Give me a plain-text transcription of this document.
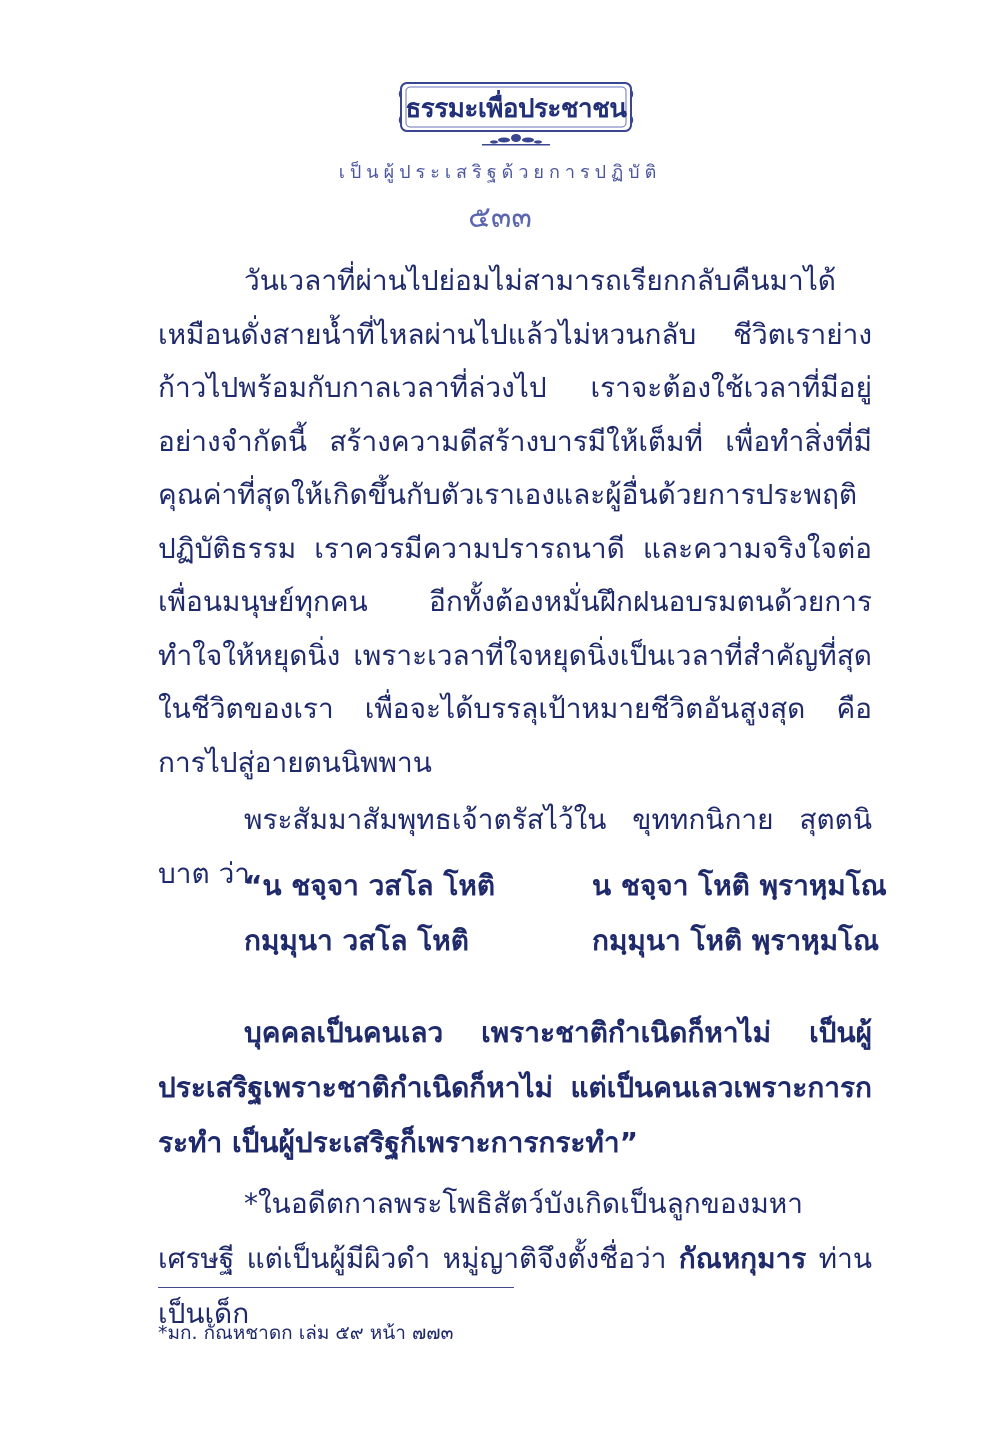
ธรรมะเพื่อประชาชน
เป็นผู้ประเสริฐด้วยการปฏิบัติ
๕๓๓

วันเวลาที่ผ่านไปย่อมไม่สามารถเรียกกลับคืนมาได้ เหมือนดั่งสายน้ำที่ไหลผ่านไปแล้วไม่หวนกลับ ชีวิตเราย่างก้าวไปพร้อมกับกาลเวลาที่ล่วงไป เราจะต้องใช้เวลาที่มีอยู่อย่างจำกัดนี้ สร้างความดีสร้างบารมีให้เต็มที่ เพื่อทำสิ่งที่มีคุณค่าที่สุดให้เกิดขึ้นกับตัวเราเองและผู้อื่นด้วยการประพฤติปฏิบัติธรรม เราควรมีความปรารถนาดี และความจริงใจต่อเพื่อนมนุษย์ทุกคน อีกทั้งต้องหมั่นฝึกฝนอบรมตนด้วยการทำใจให้หยุดนิ่ง เพราะเวลาที่ใจหยุดนิ่งเป็นเวลาที่สำคัญที่สุดในชีวิตของเรา เพื่อจะได้บรรลุเป้าหมายชีวิตอันสูงสุด คือการไปสู่อายตนนิพพาน

พระสัมมาสัมพุทธเจ้าตรัสไว้ใน ขุททกนิกาย สุตตนิบาต ว่า

“น ชจฺจา วสโล โหติ	น ชจฺจา โหติ พฺราหฺมโณ
กมฺมุนา วสโล โหติ	กมฺมุนา โหติ พฺราหฺมโณ

บุคคลเป็นคนเลว เพราะชาติกำเนิดก็หาไม่ เป็นผู้ประเสริฐเพราะชาติกำเนิดก็หาไม่ แต่เป็นคนเลวเพราะการกระทำ เป็นผู้ประเสริฐก็เพราะการกระทำ”

*ในอดีตกาลพระโพธิสัตว์บังเกิดเป็นลูกของมหาเศรษฐี แต่เป็นผู้มีผิวดำ หมู่ญาติจึงตั้งชื่อว่า กัณหกุมาร ท่านเป็นเด็ก

*มก. กัณหชาดก เล่ม ๕๙ หน้า ๗๗๓
